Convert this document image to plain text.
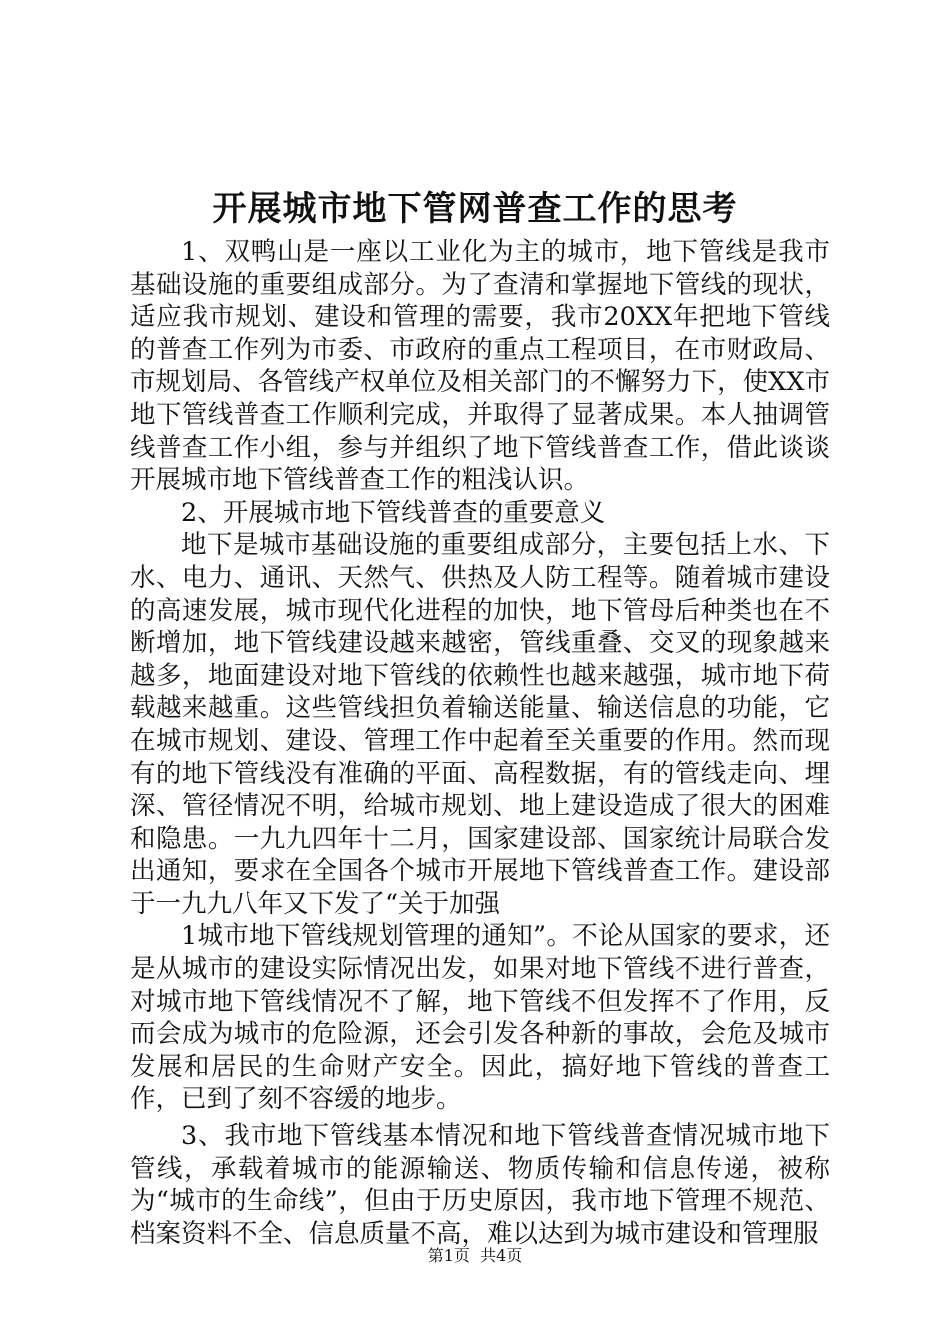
开展城市地下管网普查工作的思考

1、双鸭山是一座以工业化为主的城市，地下管线是我市基础设施的重要组成部分。为了查清和掌握地下管线的现状，适应我市规划、建设和管理的需要，我市20XX年把地下管线的普查工作列为市委、市政府的重点工程项目，在市财政局、市规划局、各管线产权单位及相关部门的不懈努力下，使XX市地下管线普查工作顺利完成，并取得了显著成果。本人抽调管线普查工作小组，参与并组织了地下管线普查工作，借此谈谈开展城市地下管线普查工作的粗浅认识。

2、开展城市地下管线普查的重要意义

地下是城市基础设施的重要组成部分，主要包括上水、下水、电力、通讯、天然气、供热及人防工程等。随着城市建设的高速发展，城市现代化进程的加快，地下管母后种类也在不断增加，地下管线建设越来越密，管线重叠、交叉的现象越来越多，地面建设对地下管线的依赖性也越来越强，城市地下荷载越来越重。这些管线担负着输送能量、输送信息的功能，它在城市规划、建设、管理工作中起着至关重要的作用。然而现有的地下管线没有准确的平面、高程数据，有的管线走向、埋深、管径情况不明，给城市规划、地上建设造成了很大的困难和隐患。一九九四年十二月，国家建设部、国家统计局联合发出通知，要求在全国各个城市开展地下管线普查工作。建设部于一九九八年又下发了“关于加强

1城市地下管线规划管理的通知”。不论从国家的要求，还是从城市的建设实际情况出发，如果对地下管线不进行普查，对城市地下管线情况不了解，地下管线不但发挥不了作用，反而会成为城市的危险源，还会引发各种新的事故，会危及城市发展和居民的生命财产安全。因此，搞好地下管线的普查工作，已到了刻不容缓的地步。

3、我市地下管线基本情况和地下管线普查情况城市地下管线，承载着城市的能源输送、物质传输和信息传递，被称为“城市的生命线”，但由于历史原因，我市地下管理不规范、档案资料不全、信息质量不高，难以达到为城市建设和管理服

第1页 共4页
